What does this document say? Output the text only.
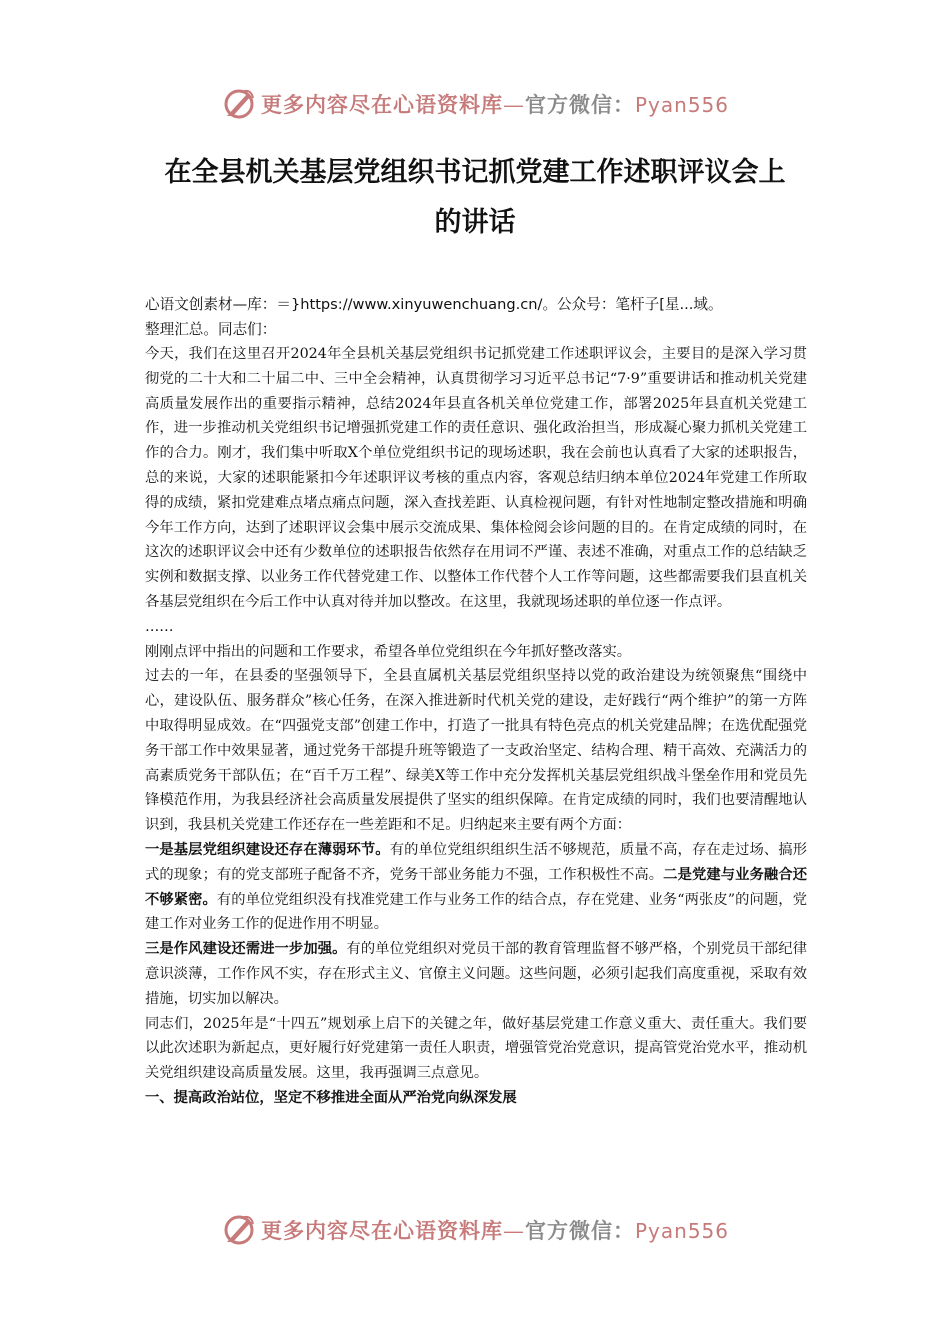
更多内容尽在心语资料库—官方微信：Pyan556
在全县机关基层党组织书记抓党建工作述职评议会上
的讲话

心语文创素材—库：＝}https://www.xinyuwenchuang.cn/。公众号：笔杆子[星...域。

整理汇总。同志们：

今天，我们在这里召开2024年全县机关基层党组织书记抓党建工作述职评议会，主要目的是深入学习贯彻党的二十大和二十届二中、三中全会精神，认真贯彻学习习近平总书记“7·9”重要讲话和推动机关党建高质量发展作出的重要指示精神，总结2024年县直各机关单位党建工作，部署2025年县直机关党建工作，进一步推动机关党组织书记增强抓党建工作的责任意识、强化政治担当，形成凝心聚力抓机关党建工作的合力。刚才，我们集中听取X个单位党组织书记的现场述职，我在会前也认真看了大家的述职报告，总的来说，大家的述职能紧扣今年述职评议考核的重点内容，客观总结归纳本单位2024年党建工作所取得的成绩，紧扣党建难点堵点痛点问题，深入查找差距、认真检视问题，有针对性地制定整改措施和明确今年工作方向，达到了述职评议会集中展示交流成果、集体检阅会诊问题的目的。在肯定成绩的同时，在这次的述职评议会中还有少数单位的述职报告依然存在用词不严谨、表述不准确，对重点工作的总结缺乏实例和数据支撑、以业务工作代替党建工作、以整体工作代替个人工作等问题，这些都需要我们县直机关各基层党组织在今后工作中认真对待并加以整改。在这里，我就现场述职的单位逐一作点评。

……

刚刚点评中指出的问题和工作要求，希望各单位党组织在今年抓好整改落实。

过去的一年，在县委的坚强领导下，全县直属机关基层党组织坚持以党的政治建设为统领聚焦“围绕中心，建设队伍、服务群众”核心任务，在深入推进新时代机关党的建设，走好践行“两个维护”的第一方阵中取得明显成效。在“四强党支部”创建工作中，打造了一批具有特色亮点的机关党建品牌；在选优配强党务干部工作中效果显著，通过党务干部提升班等锻造了一支政治坚定、结构合理、精干高效、充满活力的高素质党务干部队伍；在“百千万工程”、绿美X等工作中充分发挥机关基层党组织战斗堡垒作用和党员先锋模范作用，为我县经济社会高质量发展提供了坚实的组织保障。在肯定成绩的同时，我们也要清醒地认识到，我县机关党建工作还存在一些差距和不足。归纳起来主要有两个方面：

一是基层党组织建设还存在薄弱环节。有的单位党组织组织生活不够规范，质量不高，存在走过场、搞形式的现象；有的党支部班子配备不齐，党务干部业务能力不强，工作积极性不高。二是党建与业务融合还不够紧密。有的单位党组织没有找准党建工作与业务工作的结合点，存在党建、业务“两张皮”的问题，党建工作对业务工作的促进作用不明显。

三是作风建设还需进一步加强。有的单位党组织对党员干部的教育管理监督不够严格，个别党员干部纪律意识淡薄，工作作风不实，存在形式主义、官僚主义问题。这些问题，必须引起我们高度重视，采取有效措施，切实加以解决。

同志们，2025年是“十四五”规划承上启下的关键之年，做好基层党建工作意义重大、责任重大。我们要以此次述职为新起点，更好履行好党建第一责任人职责，增强管党治党意识，提高管党治党水平，推动机关党组织建设高质量发展。这里，我再强调三点意见。

一、提高政治站位，坚定不移推进全面从严治党向纵深发展

更多内容尽在心语资料库—官方微信：Pyan556
